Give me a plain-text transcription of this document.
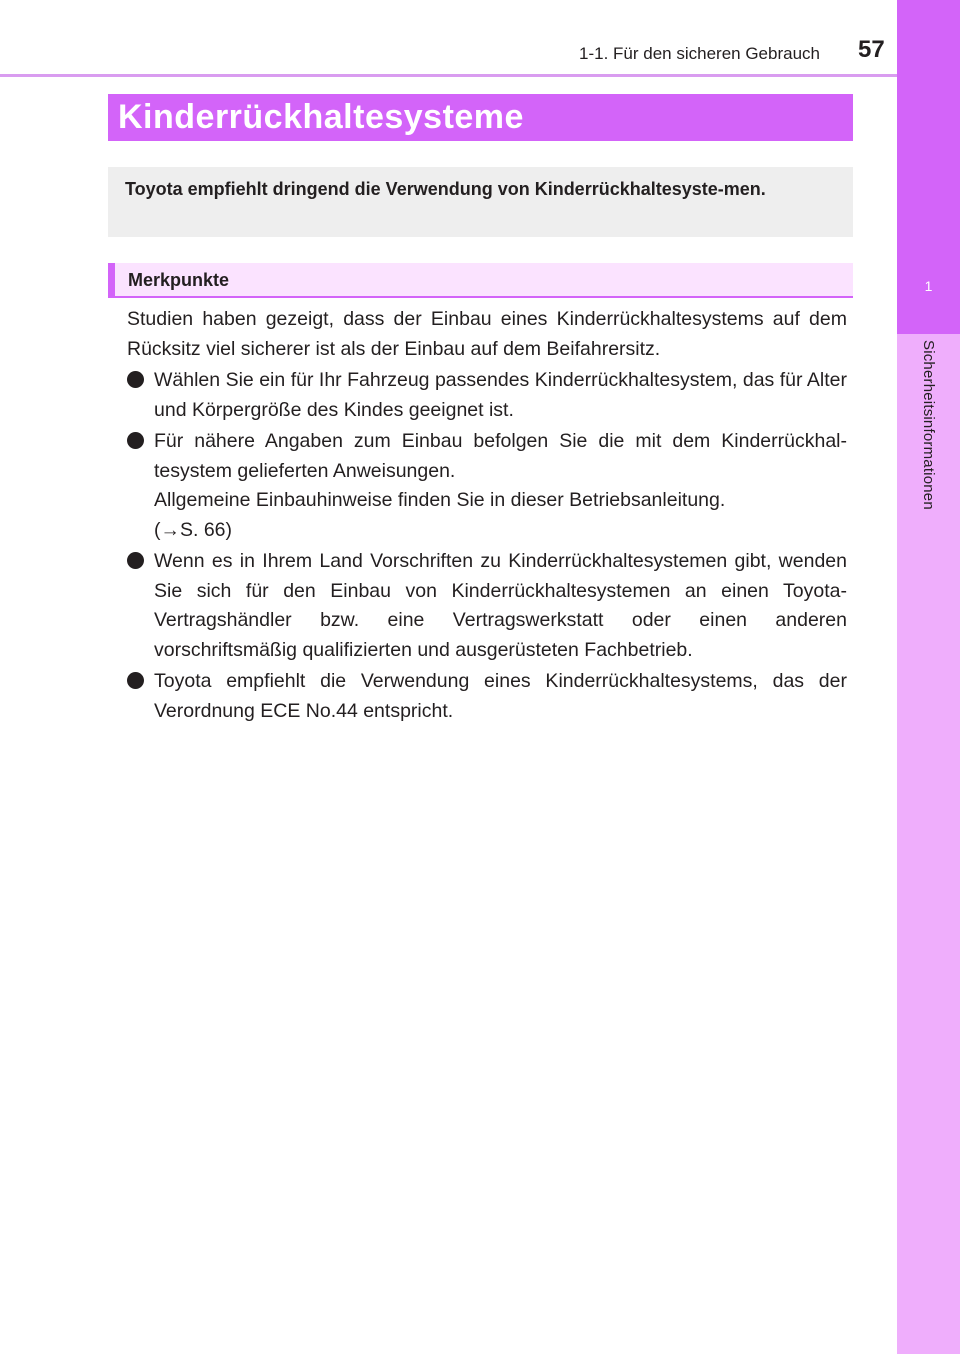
1
Sicherheitsinformationen
1-1. Für den sicheren Gebrauch 57
Kinderrückhaltesysteme
Toyota empfiehlt dringend die Verwendung von Kinderrückhaltesyste-men.
Merkpunkte

Studien haben gezeigt, dass der Einbau eines Kinderrückhaltesystems auf dem Rücksitz viel sicherer ist als der Einbau auf dem Beifahrersitz.

Wählen Sie ein für Ihr Fahrzeug passendes Kinderrückhaltesystem, das für Alter und Körpergröße des Kindes geeignet ist.
Für nähere Angaben zum Einbau befolgen Sie die mit dem Kinderrückhal-tesystem gelieferten Anweisungen.
Allgemeine Einbauhinweise finden Sie in dieser Betriebsanleitung.
(→S. 66)
Wenn es in Ihrem Land Vorschriften zu Kinderrückhaltesystemen gibt, wenden Sie sich für den Einbau von Kinderrückhaltesystemen an einen Toyota-Vertragshändler bzw. eine Vertragswerkstatt oder einen anderen vorschriftsmäßig qualifizierten und ausgerüsteten Fachbetrieb.
Toyota empfiehlt die Verwendung eines Kinderrückhaltesystems, das der Verordnung ECE No.44 entspricht.
